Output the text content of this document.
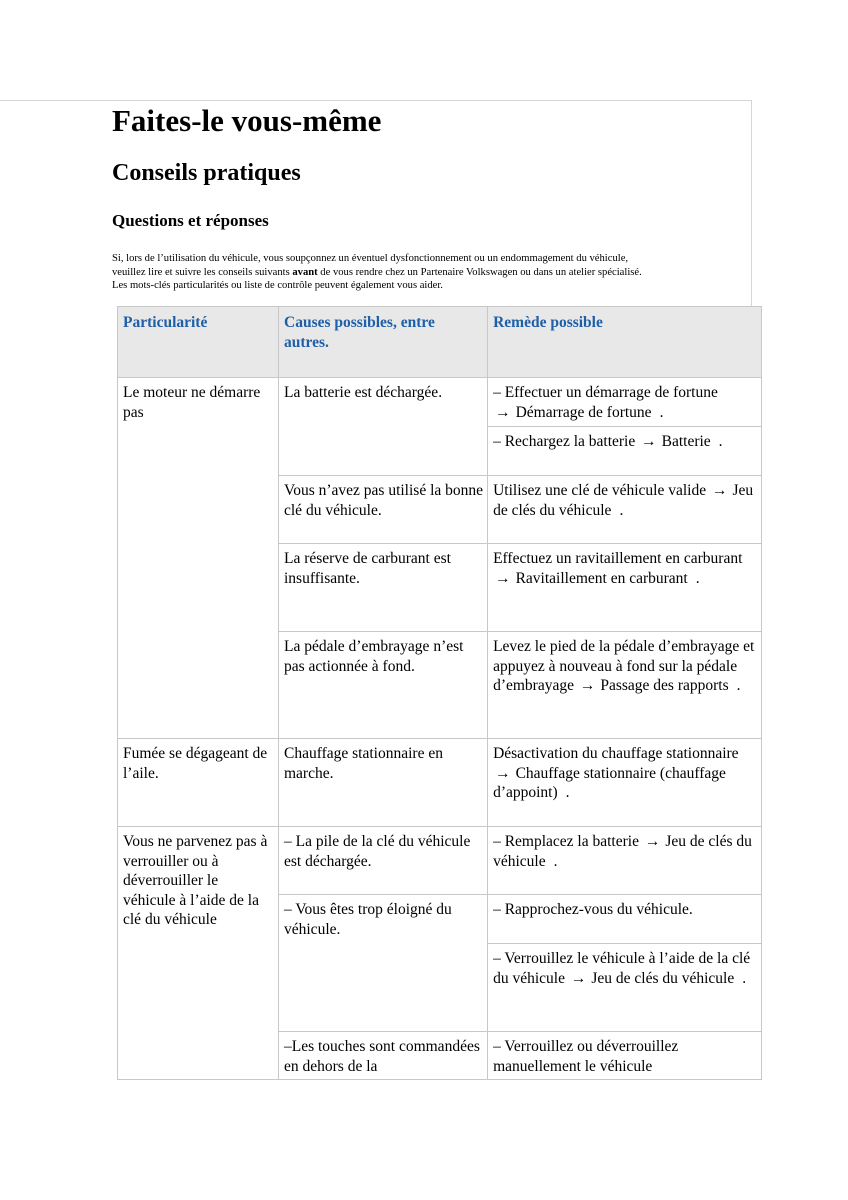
Faites-le vous-même
Conseils pratiques
Questions et réponses
Si, lors de l’utilisation du véhicule, vous soupçonnez un éventuel dysfonctionnement ou un endommagement du véhicule,
veuillez lire et suivre les conseils suivants avant de vous rendre chez un Partenaire Volkswagen ou dans un atelier spécialisé.
Les mots-clés particularités ou liste de contrôle peuvent également vous aider.
Particularité	Causes possibles, entre autres.	Remède possible
Le moteur ne démarre pas	La batterie est déchargée.	– Effectuer un démarrage de fortune → Démarrage de fortune .
		– Rechargez la batterie → Batterie .
	Vous n’avez pas utilisé la bonne clé du véhicule.	Utilisez une clé de véhicule valide → Jeu de clés du véhicule .
	La réserve de carburant est insuffisante.	Effectuez un ravitaillement en carburant → Ravitaillement en carburant .
	La pédale d’embrayage n’est pas actionnée à fond.	Levez le pied de la pédale d’embrayage et appuyez à nouveau à fond sur la pédale d’embrayage → Passage des rapports .
Fumée se dégageant de l’aile.	Chauffage stationnaire en marche.	Désactivation du chauffage stationnaire → Chauffage stationnaire (chauffage d’appoint) .
Vous ne parvenez pas à verrouiller ou à déverrouiller le véhicule à l’aide de la clé du véhicule	– La pile de la clé du véhicule est déchargée.	– Remplacez la batterie → Jeu de clés du véhicule .
	– Vous êtes trop éloigné du véhicule.	– Rapprochez-vous du véhicule.
		– Verrouillez le véhicule à l’aide de la clé du véhicule → Jeu de clés du véhicule .
	–Les touches sont commandées en dehors de la	– Verrouillez ou déverrouillez manuellement le véhicule
